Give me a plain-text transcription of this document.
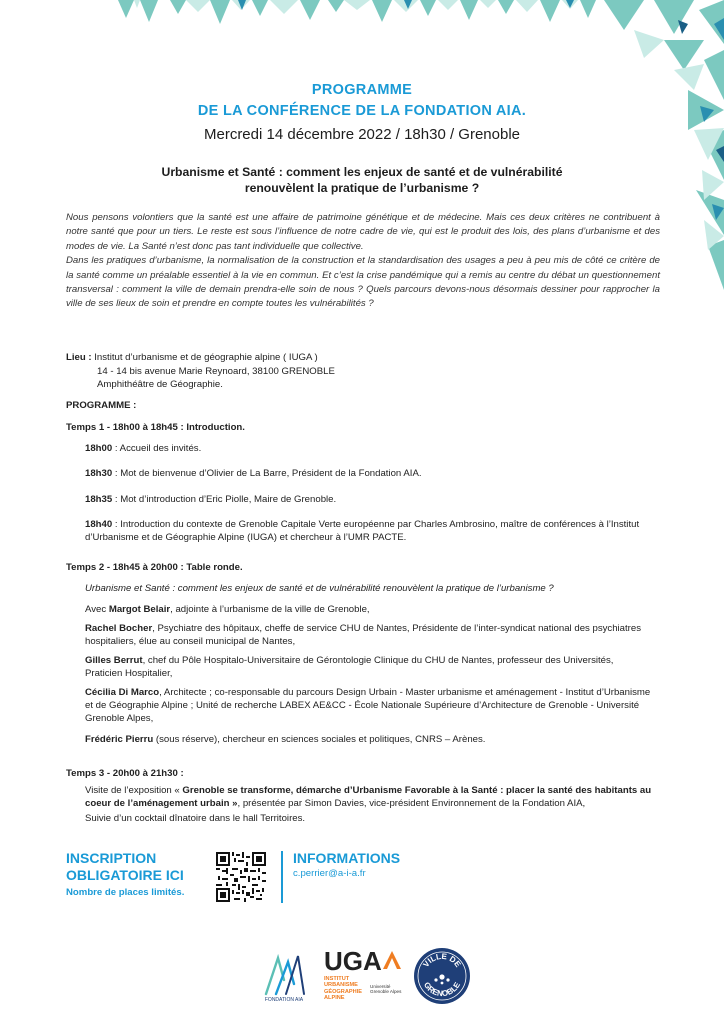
PROGRAMME
DE LA CONFÉRENCE DE LA FONDATION AIA.
Mercredi 14 décembre 2022 / 18h30 / Grenoble
Urbanisme et Santé : comment les enjeux de santé et de vulnérabilité
renouvèlent la pratique de l’urbanisme ?

Nous pensons volontiers que la santé est une affaire de patrimoine génétique et de médecine. Mais ces deux critères ne contribuent à notre santé que pour un tiers. Le reste est sous l’influence de notre cadre de vie, qui est le produit des lois, des plans d’urbanisme et des modes de vie. La Santé n’est donc pas tant individuelle que collective.

Dans les pratiques d’urbanisme, la normalisation de la construction et la standardisation des usages a peu à peu mis de côté ce critère de la santé comme un préalable essentiel à la vie en commun. Et c’est la crise pandémique qui a remis au centre du débat un questionnement transversal : comment la ville de demain prendra-elle soin de nous ? Quels parcours devons-nous désormais dessiner pour rapprocher la ville de ses lieux de soin et prendre en compte toutes les vulnérabilités ?

Lieu : Institut d’urbanisme et de géographie alpine ( IUGA )
14 - 14 bis avenue Marie Reynoard, 38100 GRENOBLE
Amphithéâtre de Géographie.
PROGRAMME :
Temps 1 - 18h00 à 18h45 : Introduction.
18h00 : Accueil des invités.
18h30 : Mot de bienvenue d’Olivier de La Barre, Président de la Fondation AIA.
18h35 : Mot d’introduction d’Eric Piolle, Maire de Grenoble.
18h40 : Introduction du contexte de Grenoble Capitale Verte européenne par Charles Ambrosino, maître de conférences à l’Institut d’Urbanisme et de Géographie Alpine (IUGA) et chercheur à l’UMR PACTE.
Temps 2 - 18h45 à 20h00 : Table ronde.
Urbanisme et Santé : comment les enjeux de santé et de vulnérabilité renouvèlent la pratique de l’urbanisme ?
Avec Margot Belair, adjointe à l’urbanisme de la ville de Grenoble,
Rachel Bocher, Psychiatre des hôpitaux, cheffe de service CHU de Nantes, Présidente de l’inter-syndicat national des psychiatres hospitaliers, élue au conseil municipal de Nantes,
Gilles Berrut, chef du Pôle Hospitalo-Universitaire de Gérontologie Clinique du CHU de Nantes, professeur des Universités, Praticien Hospitalier,
Cécilia Di Marco, Architecte ; co-responsable du parcours Design Urbain - Master urbanisme et aménagement - Institut d’Urbanisme et de Géographie Alpine ; Unité de recherche LABEX AE&CC - École Nationale Supérieure d’Architecture de Grenoble - Université Grenoble Alpes,
Frédéric Pierru (sous réserve), chercheur en sciences sociales et politiques, CNRS – Arènes.
Temps 3 - 20h00 à 21h30 :
Visite de l’exposition « Grenoble se transforme, démarche d’Urbanisme Favorable à la Santé : placer la santé des habitants au coeur de l’aménagement urbain », présentée par Simon Davies, vice-président Environnement de la Fondation AIA,
Suivie d’un cocktail dînatoire dans le hall Territoires.
INSCRIPTION
OBLIGATOIRE ICI
Nombre de places limités.
INFORMATIONS
c.perrier@a-i-a.fr
FONDATION AIA
UGA
INSTITUT
URBANISME
GÉOGRAPHIE
ALPINE
Université Grenoble Alpes
VILLE DE
GRENOBLE
